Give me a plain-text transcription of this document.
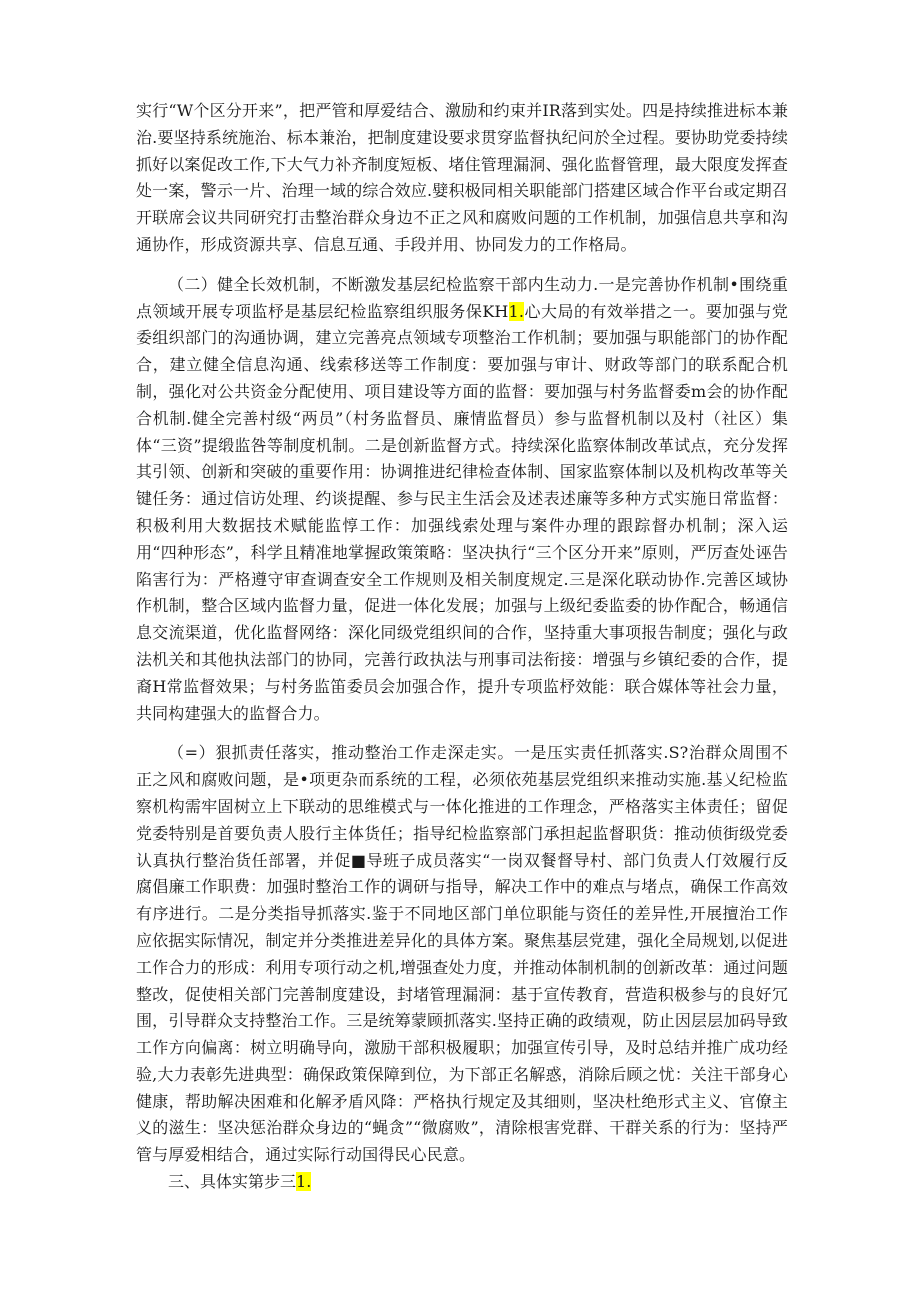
实行“W个区分开来”，把严管和厚爱结合、激励和约束并IR落到实处。四是持续推进标本兼治.要坚持系统施治、标本兼治，把制度建设要求贯穿监督执纪问於全过程。要协助党委持续抓好以案促改工作,下大气力补齐制度短板、堵住管理漏洞、强化监督管理，最大限度发挥查处一案，警示一片、治理一域的综合效应.嬖积极同相关职能部门搭建区域合作平台或定期召开联席会议共同研究打击整治群众身边不正之风和腐败问题的工作机制，加强信息共享和沟通协作，形成资源共享、信息互通、手段并用、协同发力的工作格局。

（二）健全长效机制，不断激发基层纪检监察干部内生动力.一是完善协作机制•围绕重点领域开展专项监杼是基层纪检监察组织服务保KH1.心大局的有效举措之一。要加强与党委组织部门的沟通协调，建立完善亮点领域专项整治工作机制；要加强与职能部门的协作配合，建立健全信息沟通、线索移送等工作制度：要加强与审计、财政等部门的联系配合机制，强化对公共资金分配使用、项目建设等方面的监督：要加强与村务监督委m会的协作配合机制.健全完善村级“两员”（村务监督员、廉情监督员）参与监督机制以及村（社区）集体“三资”提缎监咎等制度机制。二是创新监督方式。持续深化监察体制改革试点，充分发挥其引领、创新和突破的重要作用：协调推进纪律检查体制、国家监察体制以及机构改革等关键任务：通过信访处理、约谈提醒、参与民主生活会及述表述廉等多种方式实施日常监督：积极利用大数据技术赋能监惇工作：加强线索处理与案件办理的跟踪督办机制；深入运用“四种形态”，科学且精准地掌握政策策略：坚决执行“三个区分开来”原则，严厉查处诬告陷害行为：严格遵守审查调查安全工作规则及相关制度规定.三是深化联动协作.完善区域协作机制，整合区域内监督力量，促进一体化发展；加强与上级纪委监委的协作配合，畅通信息交流渠道，优化监督网络：深化同级党组织间的合作，坚持重大事项报告制度；强化与政法机关和其他执法部门的协同，完善行政执法与刑事司法衔接：增强与乡镇纪委的合作，提裔H常监督效果；与村务监笛委员会加强合作，提升专项监杼效能：联合媒体等社会力量，共同构建强大的监督合力。

（=）狠抓责任落实，推动整治工作走深走实。一是压实责任抓落实.S?治群众周围不正之风和腐败问题，是•项更杂而系统的工程，必须依苑基层党组织来推动实施.基乂纪检监察机构需牢固树立上下联动的思维模式与一体化推进的工作理念，严格落实主体责任；留促党委特别是首要负责人股行主体货任；指导纪检监察部门承担起监督职货：推动侦街级党委认真执行整治货任部署，并促■导班子成员落实“一岗双餐督导村、部门负责人仃效履行反腐倡廉工作职费：加强时整治工作的调研与指导，解决工作中的难点与堵点，确保工作高效有序进行。二是分类指导抓落实.鉴于不同地区部门单位职能与资任的差异性,开展擅治工作应依据实际情况，制定并分类推进差异化的具体方案。聚焦基层党建，强化全局规划,以促进工作合力的形成：利用专项行动之机,增强查处力度，并推动体制机制的创新改革：通过问题整改，促使相关部门完善制度建设，封堵管理漏洞：基于宣传教育，营造积极参与的良好冗围，引导群众支持整治工作。三是统筹蒙顾抓落实.坚持正确的政绩观，防止因层层加码导致工作方向偏离：树立明确导向，激励干部积极履职；加强宣传引导，及时总结并推广成功经验,大力表彰先进典型：确保政策保障到位，为下部正名解惑，消除后顾之忧：关注干部身心健康，帮助解决困难和化解矛盾风降：严格执行规定及其细则，坚决杜绝形式主义、官僚主义的滋生：坚决惩治群众身边的“蝇贪”“微腐败”，清除根害党群、干群关系的行为：坚持严管与厚爱相结合，通过实际行动国得民心民意。

三、具体实第步三1.
